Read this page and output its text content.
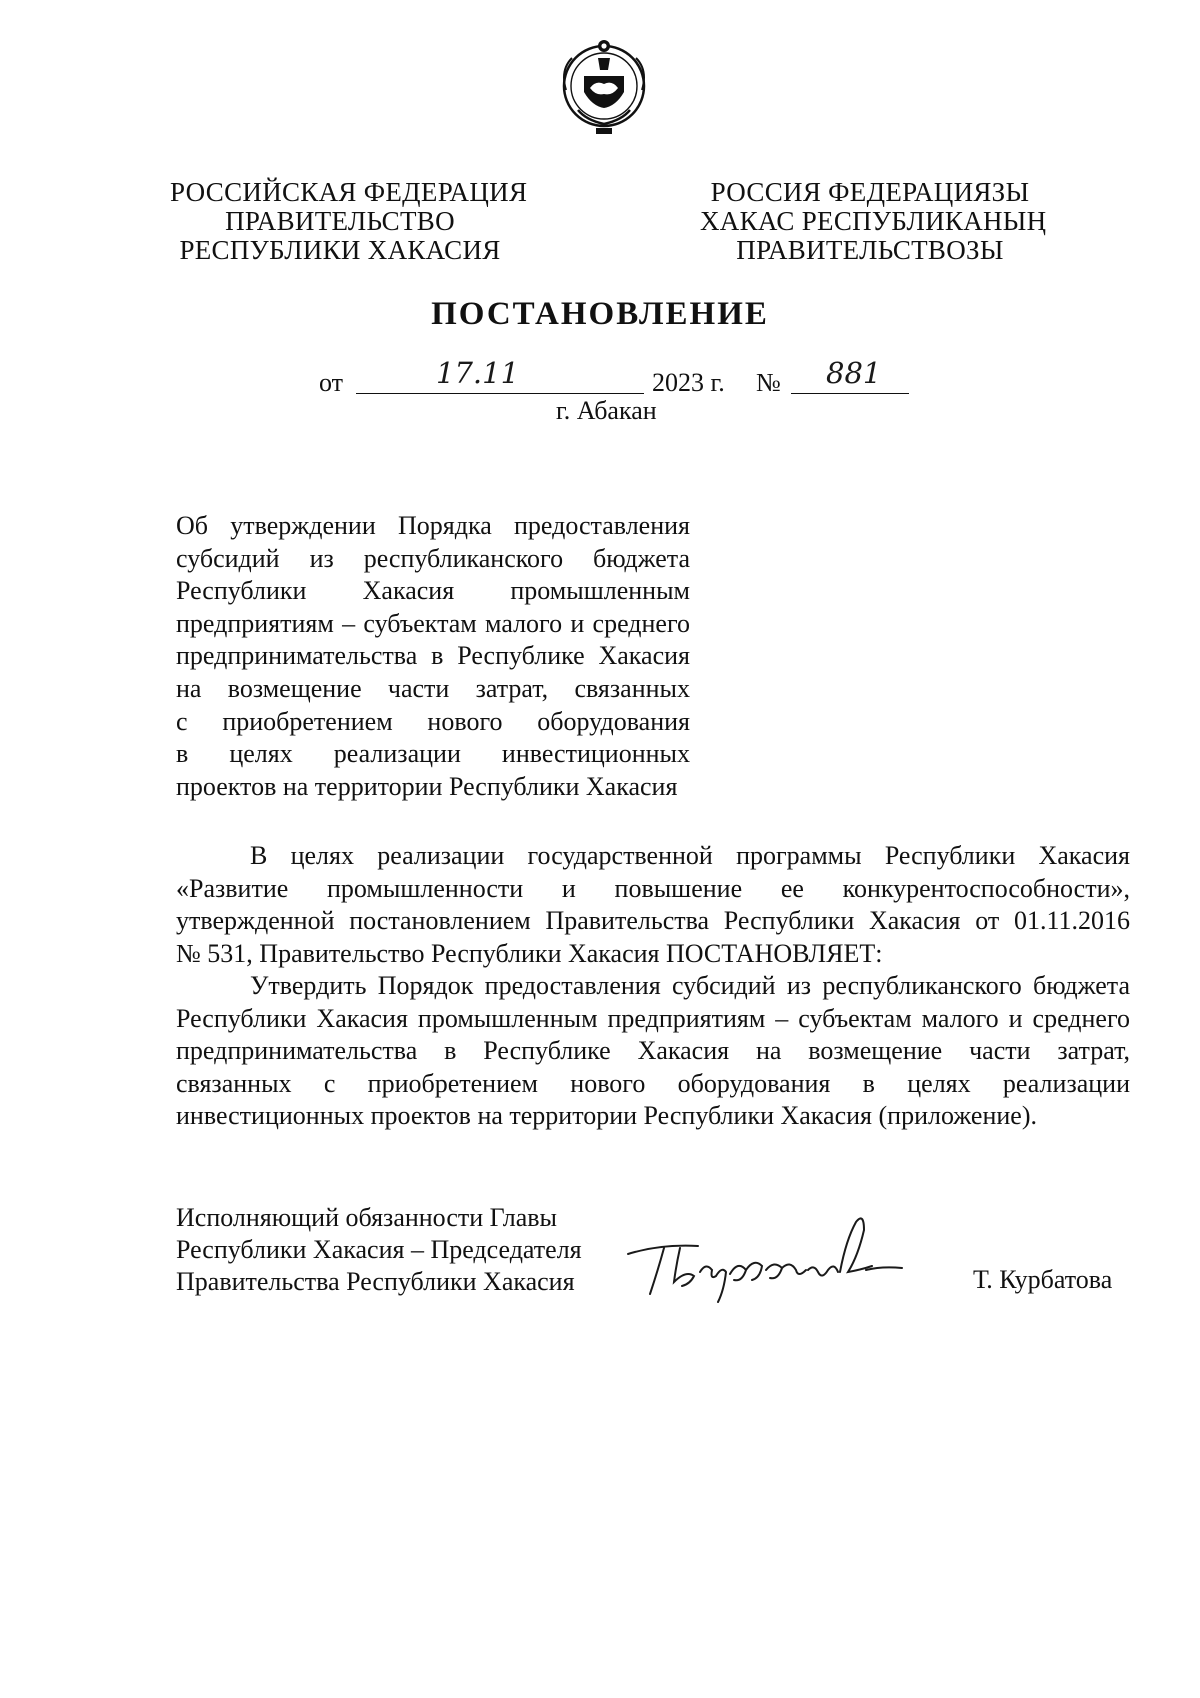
РОССИЙСКАЯ ФЕДЕРАЦИЯ
ПРАВИТЕЛЬСТВО
РЕСПУБЛИКИ ХАКАСИЯ
РОССИЯ ФЕДЕРАЦИЯЗЫ
ХАКАС РЕСПУБЛИКАНЫҢ
ПРАВИТЕЛЬСТВОЗЫ
ПОСТАНОВЛЕНИЕ
от	17.11	2023 г. № 881
г. Абакан
Об утверждении Порядка предоставления
субсидий из республиканского бюджета
Республики Хакасия промышленным
предприятиям – субъектам малого и среднего
предпринимательства в Республике Хакасия
на возмещение части затрат, связанных
с приобретением нового оборудования
в целях реализации инвестиционных
проектов на территории Республики Хакасия
В целях реализации государственной программы Республики Хакасия
«Развитие промышленности и повышение ее конкурентоспособности»,
утвержденной постановлением Правительства Республики Хакасия от 01.11.2016
№ 531, Правительство Республики Хакасия ПОСТАНОВЛЯЕТ:
Утвердить Порядок предоставления субсидий из республиканского бюджета
Республики Хакасия промышленным предприятиям – субъектам малого и среднего
предпринимательства в Республике Хакасия на возмещение части затрат,
связанных с приобретением нового оборудования в целях реализации
инвестиционных проектов на территории Республики Хакасия (приложение).
Исполняющий обязанности Главы
Республики Хакасия – Председателя
Правительства Республики Хакасия	Т. Курбатова
